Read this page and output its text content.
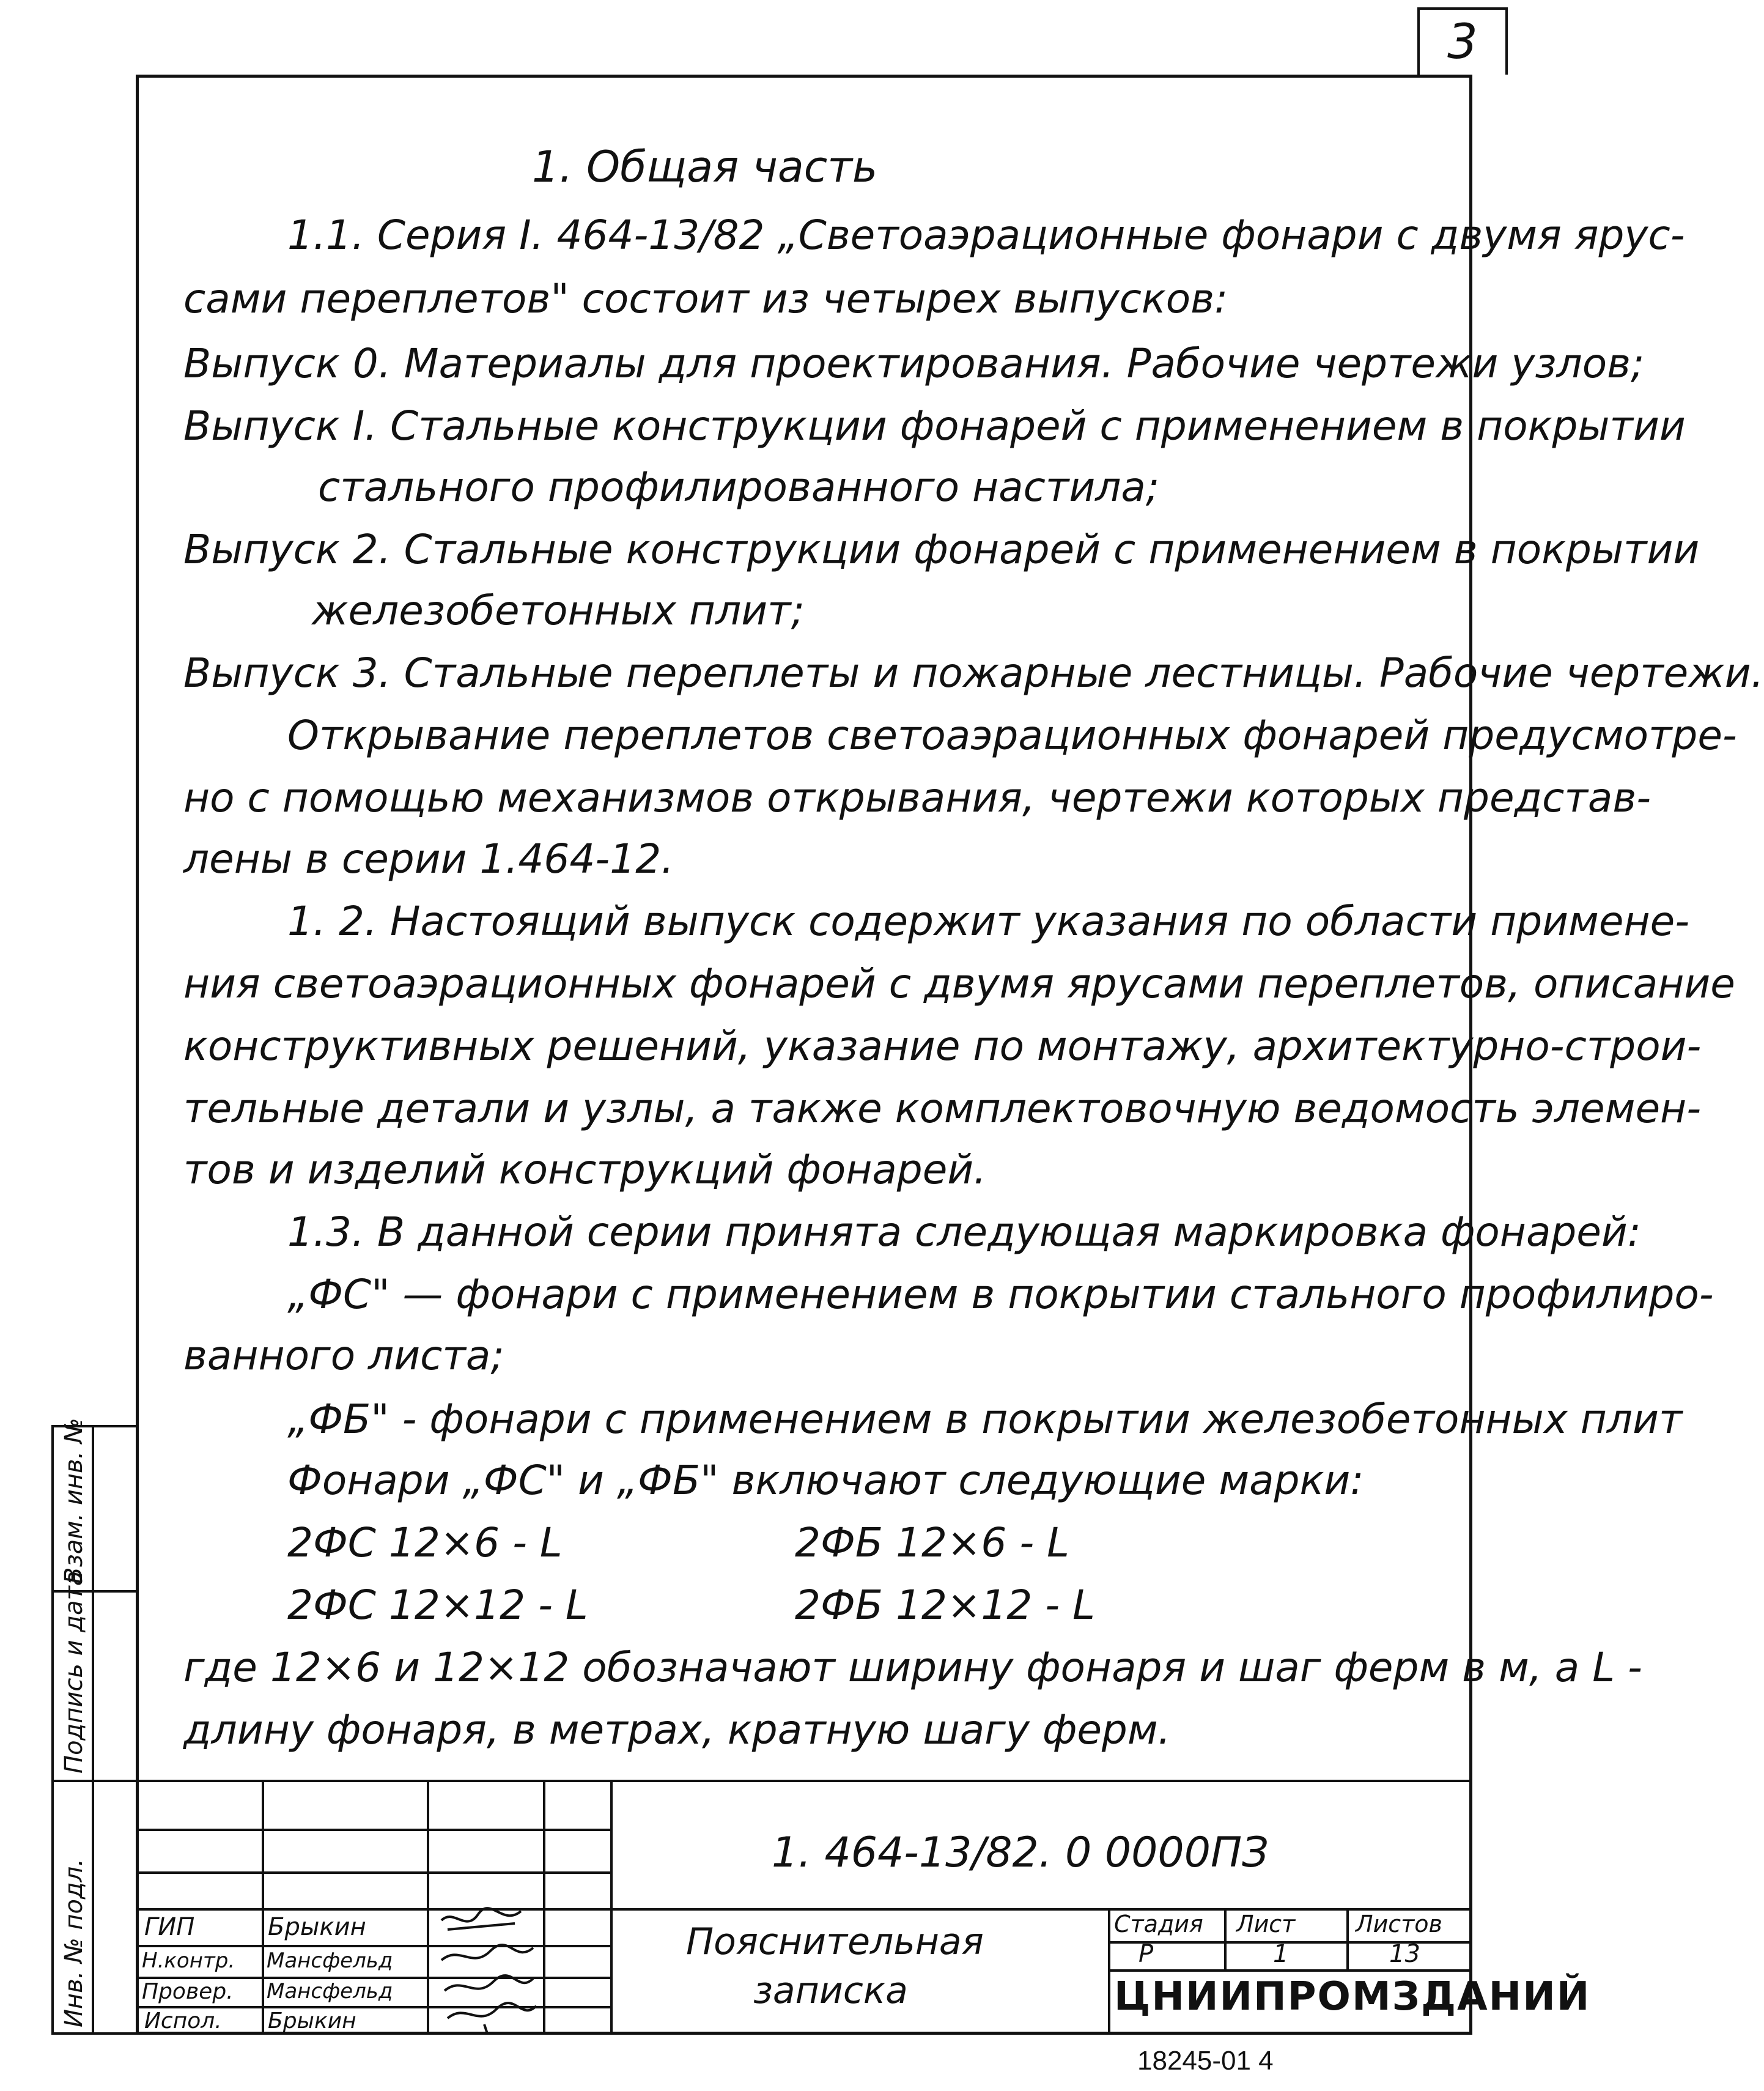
3
1. Общая часть
1.1. Серия I. 464-13/82 „Светоаэрационные фонари с двумя ярус-
сами переплетов" состоит из четырех выпусков:
Выпуск 0. Материалы для проектирования. Рабочие чертежи узлов;
Выпуск I. Стальные конструкции фонарей с применением в покрытии
стального профилированного настила;
Выпуск 2. Стальные конструкции фонарей с применением в покрытии
железобетонных плит;
Выпуск 3. Стальные переплеты и пожарные лестницы. Рабочие чертежи.
Открывание переплетов светоаэрационных фонарей предусмотре-
но с помощью механизмов открывания, чертежи которых представ-
лены в серии 1.464-12.
1. 2. Настоящий выпуск содержит указания по области примене-
ния светоаэрационных фонарей с двумя ярусами переплетов, описание
конструктивных решений, указание по монтажу, архитектурно-строи-
тельные детали и узлы, а также комплектовочную ведомость элемен-
тов и изделий конструкций фонарей.
1.3. В данной серии принята следующая маркировка фонарей:
„ФС" — фонари с применением в покрытии стального профилиро-
ванного листа;
„ФБ" - фонари с применением в покрытии железобетонных плит
Фонари „ФС" и „ФБ" включают следующие марки:
2ФС 12×6 - L	2ФБ 12×6 - L
2ФС 12×12 - L	2ФБ 12×12 - L
где 12×6 и 12×12 обозначают ширину фонаря и шаг ферм в м, а L -
длину фонаря, в метрах, кратную шагу ферм.
Взам. инв. №
Подпись и дата
Инв. № подл.
1. 464-13/82. 0 0000ПЗ
Стадия Лист	Листов
Р	1	13
Пояснительная
записка	ЦНИИПРОМЗДАНИЙ
ГИП	Брыкин
Н.контр. Мансфельд
Провер. Мансфельд
Испол. Брыкин
18245-01 4
